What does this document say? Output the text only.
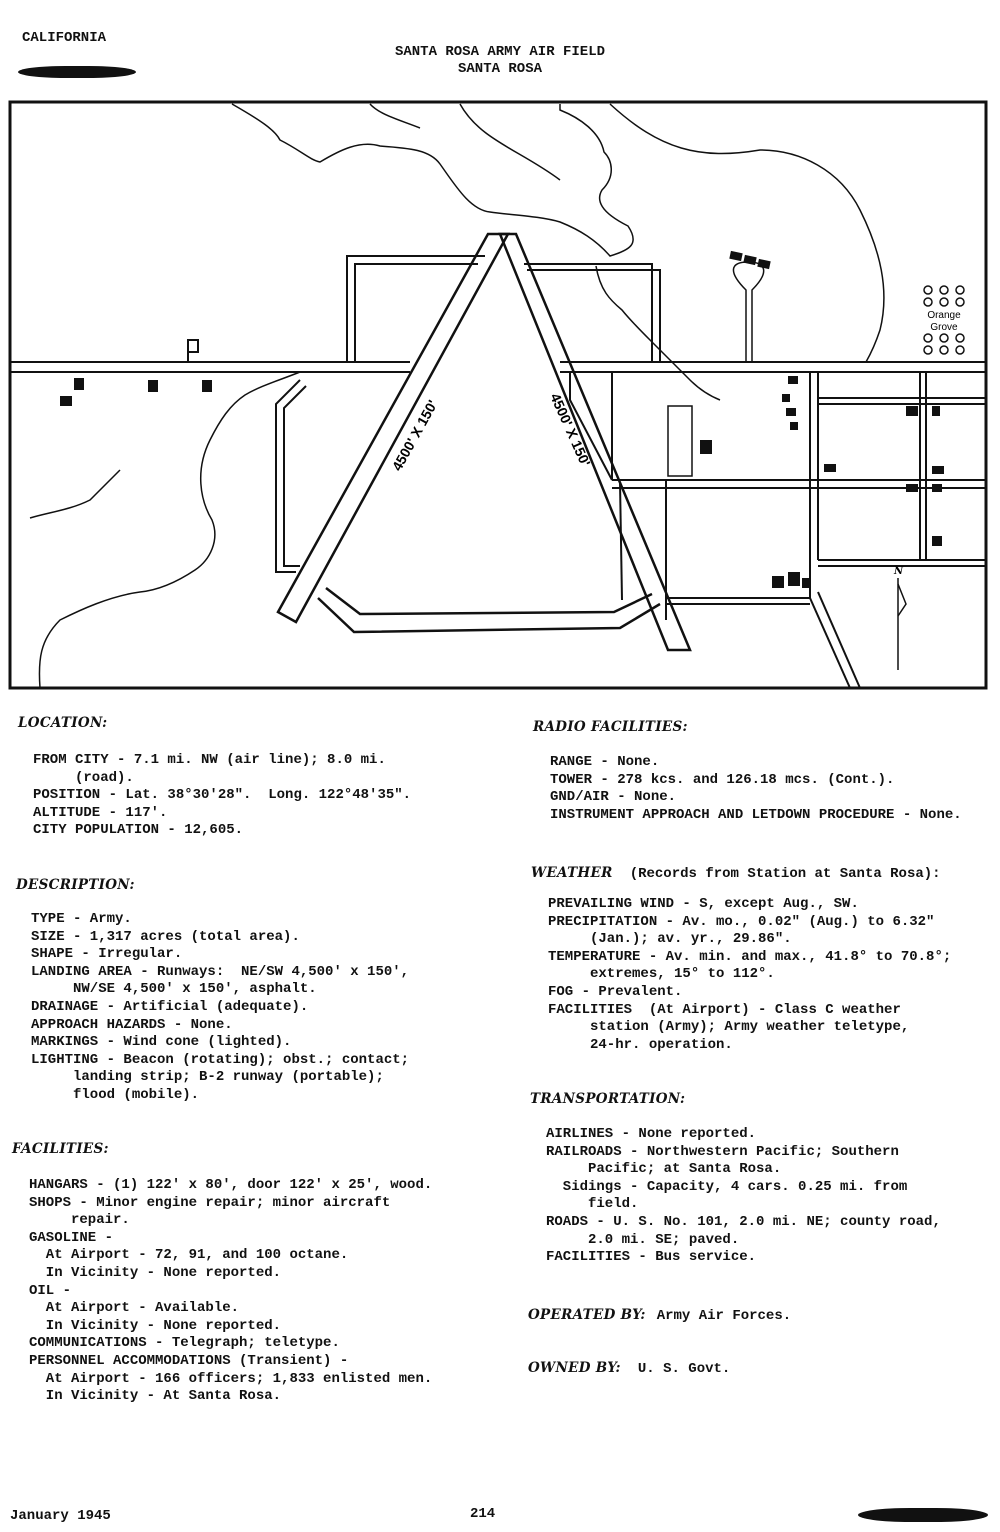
CALIFORNIA
SANTA ROSA ARMY AIR FIELD
SANTA ROSA
4500' X 150'	4500' X 150'
Orange
Grove
N
LOCATION:
FROM CITY - 7.1 mi. NW (air line); 8.0 mi.
(road).
POSITION - Lat. 38°30'28".  Long. 122°48'35".
ALTITUDE - 117'.
CITY POPULATION - 12,605.
DESCRIPTION:
TYPE - Army.
SIZE - 1,317 acres (total area).
SHAPE - Irregular.
LANDING AREA - Runways:  NE/SW 4,500' x 150',
NW/SE 4,500' x 150', asphalt.
DRAINAGE - Artificial (adequate).
APPROACH HAZARDS - None.
MARKINGS - Wind cone (lighted).
LIGHTING - Beacon (rotating); obst.; contact;
landing strip; B-2 runway (portable);
flood (mobile).
FACILITIES:
HANGARS - (1) 122' x 80', door 122' x 25', wood.
SHOPS - Minor engine repair; minor aircraft
repair.
GASOLINE -
At Airport - 72, 91, and 100 octane.
In Vicinity - None reported.
OIL -
At Airport - Available.
In Vicinity - None reported.
COMMUNICATIONS - Telegraph; teletype.
PERSONNEL ACCOMMODATIONS (Transient) -
At Airport - 166 officers; 1,833 enlisted men.
In Vicinity - At Santa Rosa.
RADIO FACILITIES:
RANGE - None.
TOWER - 278 kcs. and 126.18 mcs. (Cont.).
GND/AIR - None.
INSTRUMENT APPROACH AND LETDOWN PROCEDURE - None.
WEATHER (Records from Station at Santa Rosa):
PREVAILING WIND - S, except Aug., SW.
PRECIPITATION - Av. mo., 0.02" (Aug.) to 6.32"
(Jan.); av. yr., 29.86".
TEMPERATURE - Av. min. and max., 41.8° to 70.8°;
extremes, 15° to 112°.
FOG - Prevalent.
FACILITIES  (At Airport) - Class C weather
station (Army); Army weather teletype,
24-hr. operation.
TRANSPORTATION:
AIRLINES - None reported.
RAILROADS - Northwestern Pacific; Southern
Pacific; at Santa Rosa.
Sidings - Capacity, 4 cars. 0.25 mi. from
field.
ROADS - U. S. No. 101, 2.0 mi. NE; county road,
2.0 mi. SE; paved.
FACILITIES - Bus service.
OPERATED BY: Army Air Forces.
OWNED BY: U. S. Govt.
January 1945	214
